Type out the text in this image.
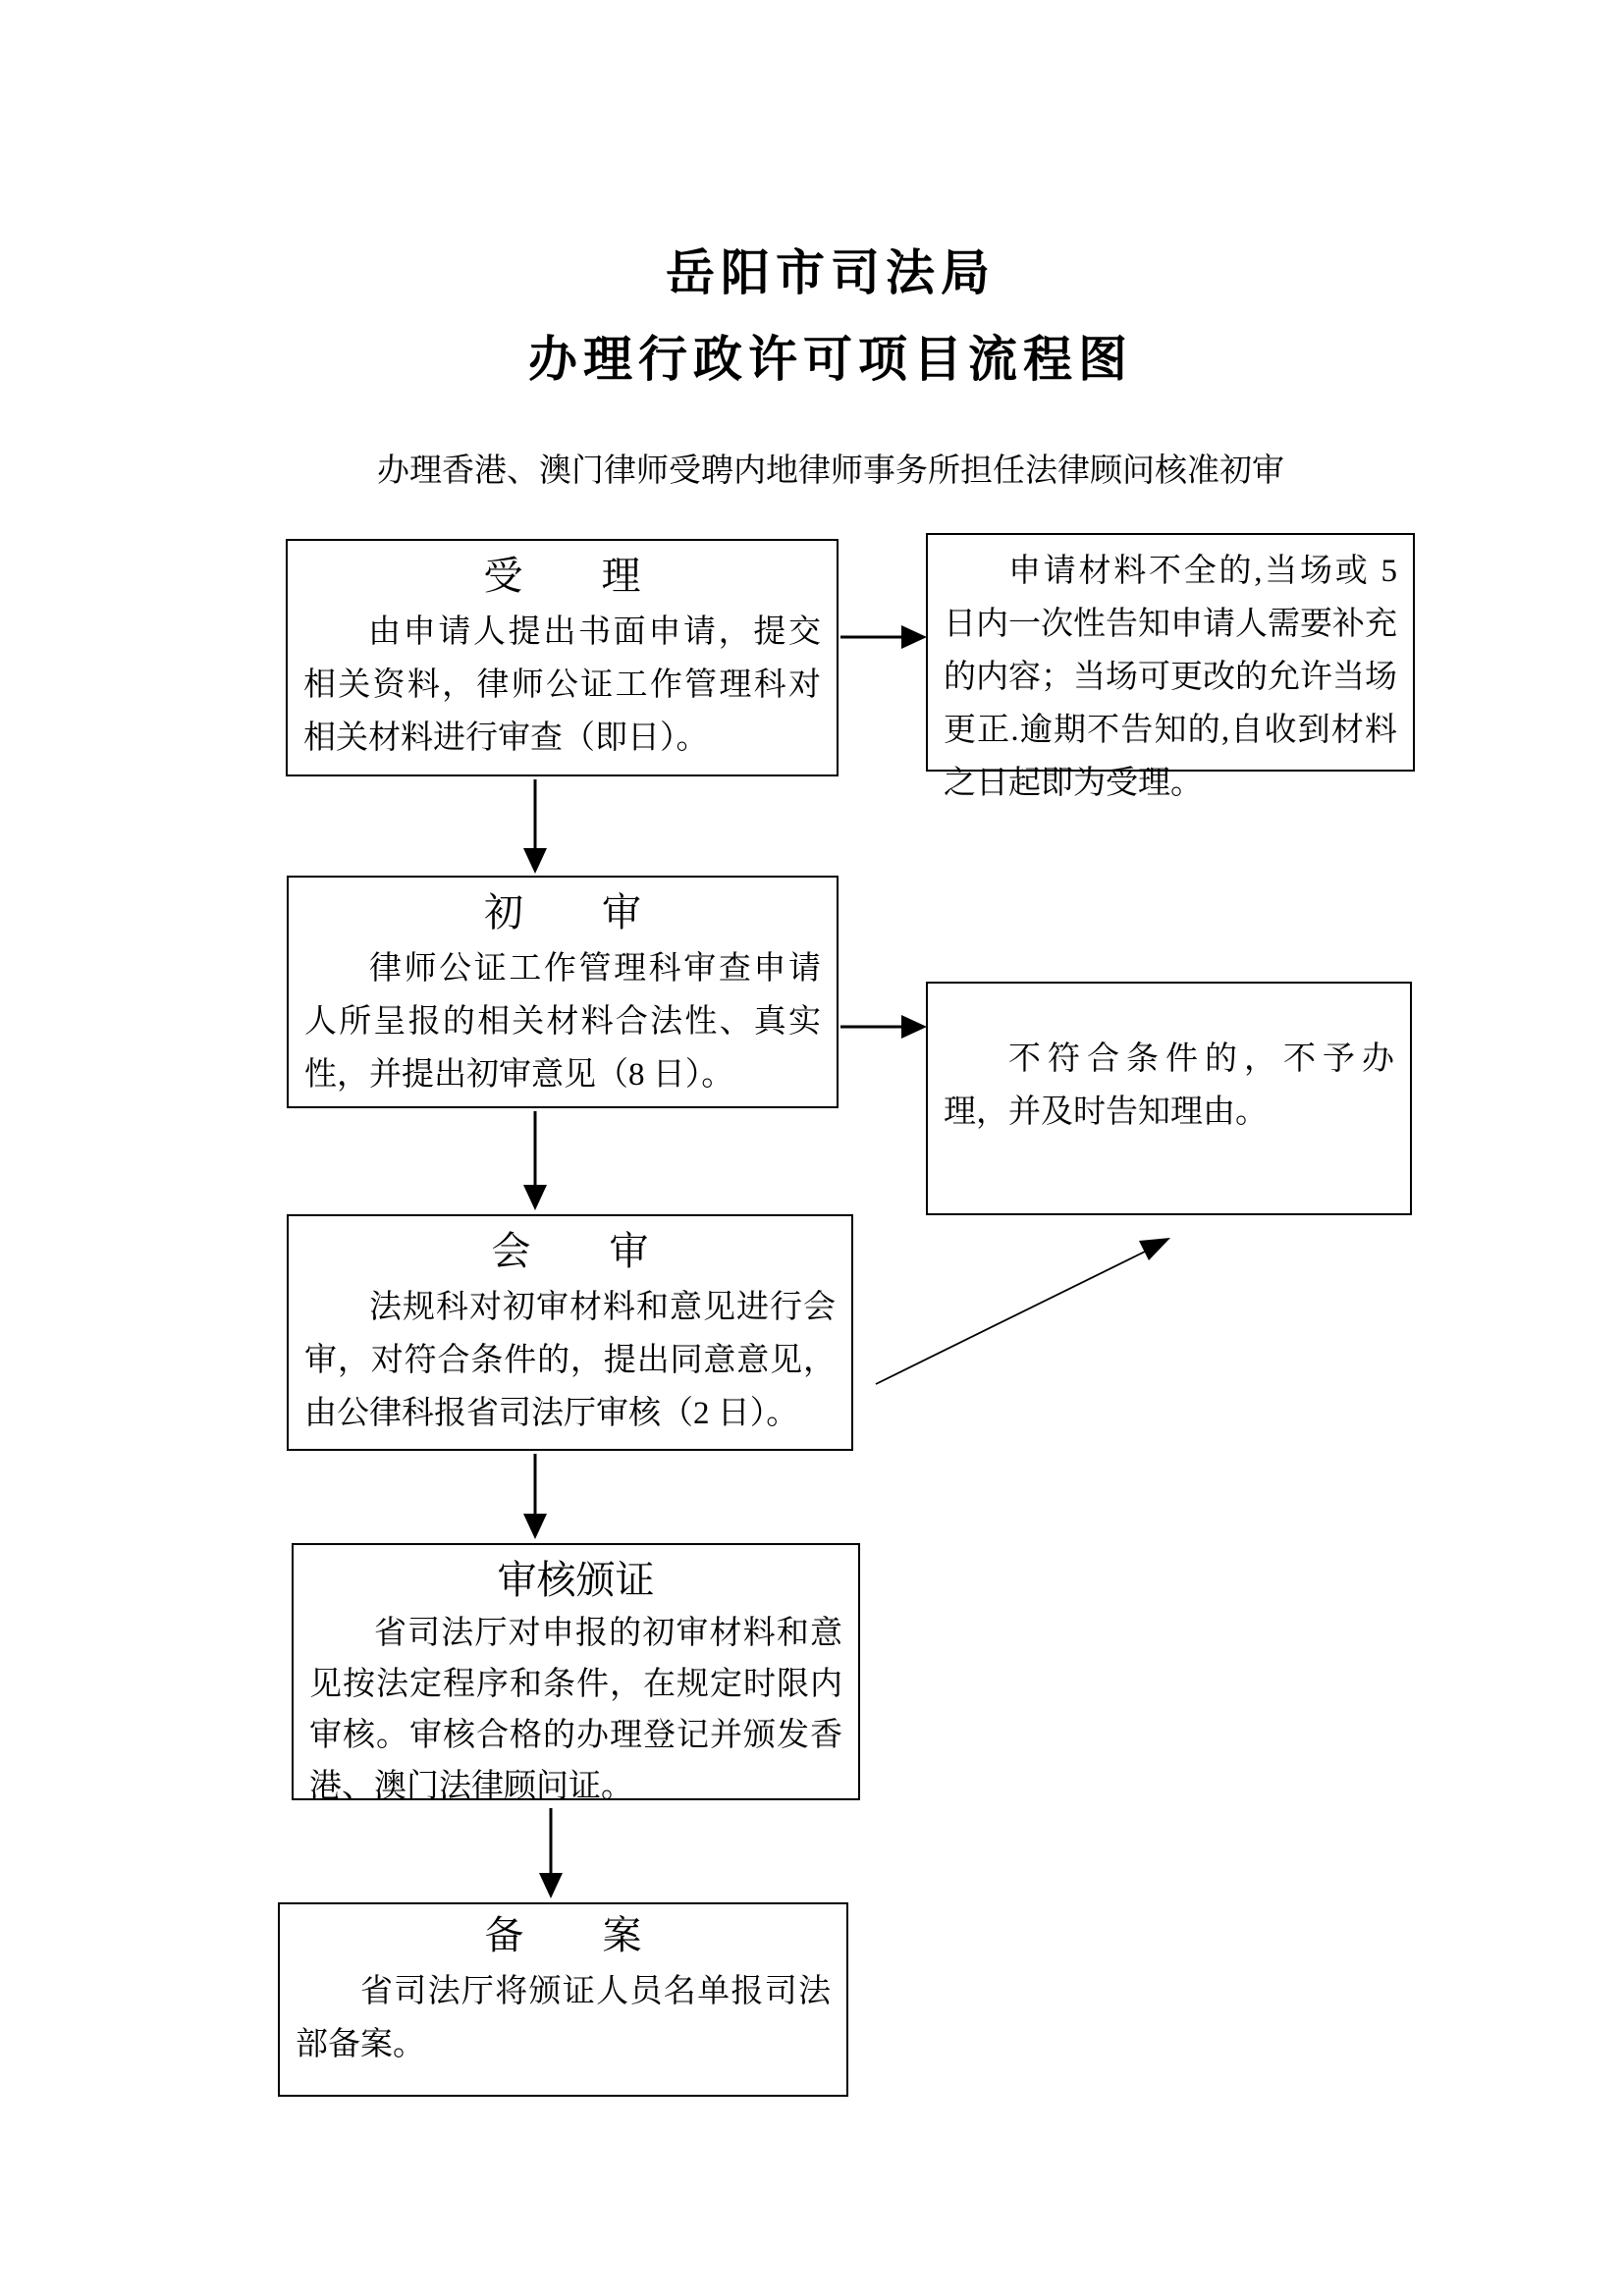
岳阳市司法局
办理行政许可项目流程图
办理香港、澳门律师受聘内地律师事务所担任法律顾问核准初审
受　　理
由申请人提出书面申请，提交相关资料，律师公证工作管理科对相关材料进行审查（即日）。
申请材料不全的,当场或 5 日内一次性告知申请人需要补充的内容；当场可更改的允许当场更正.逾期不告知的,自收到材料之日起即为受理。
初　　审
律师公证工作管理科审查申请人所呈报的相关材料合法性、真实性，并提出初审意见（8 日）。	不符合条件的，不予办理，并及时告知理由。
会　　审
法规科对初审材料和意见进行会审，对符合条件的，提出同意意见，由公律科报省司法厅审核（2 日）。
审核颁证
省司法厅对申报的初审材料和意见按法定程序和条件，在规定时限内审核。审核合格的办理登记并颁发香港、澳门法律顾问证。
备　　案
省司法厅将颁证人员名单报司法部备案。
